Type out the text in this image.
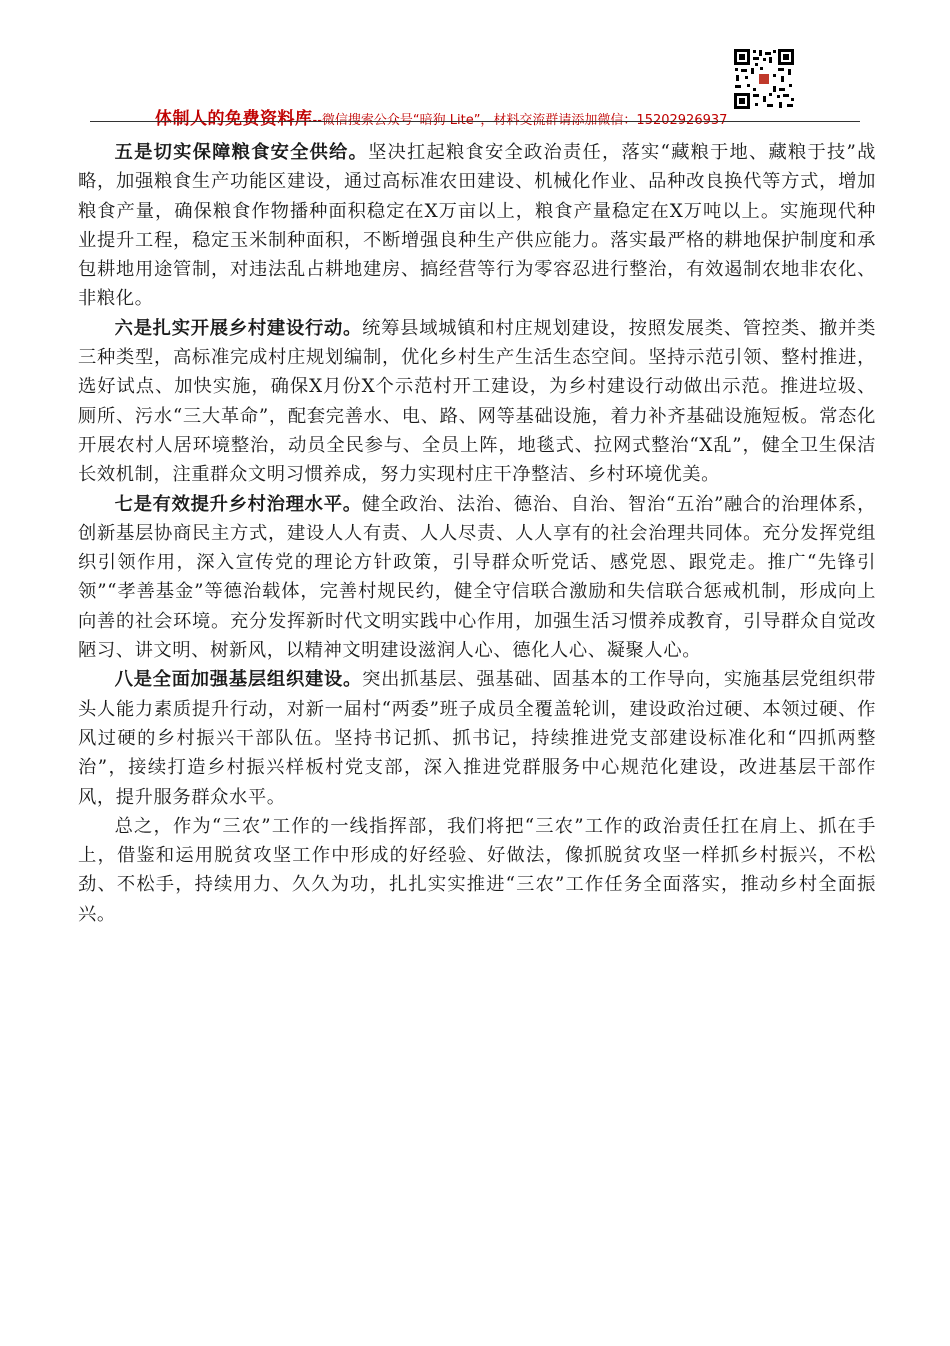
体制人的免费资料库--微信搜索公众号“暗狗 Lite”，材料交流群请添加微信：15202926937

五是切实保障粮食安全供给。坚决扛起粮食安全政治责任，落实“藏粮于地、藏粮于技”战略，加强粮食生产功能区建设，通过高标准农田建设、机械化作业、品种改良换代等方式，增加粮食产量，确保粮食作物播种面积稳定在X万亩以上，粮食产量稳定在X万吨以上。实施现代种业提升工程，稳定玉米制种面积，不断增强良种生产供应能力。落实最严格的耕地保护制度和承包耕地用途管制，对违法乱占耕地建房、搞经营等行为零容忍进行整治，有效遏制农地非农化、非粮化。

六是扎实开展乡村建设行动。统筹县域城镇和村庄规划建设，按照发展类、管控类、撤并类三种类型，高标准完成村庄规划编制，优化乡村生产生活生态空间。坚持示范引领、整村推进，选好试点、加快实施，确保X月份X个示范村开工建设，为乡村建设行动做出示范。推进垃圾、厕所、污水“三大革命”，配套完善水、电、路、网等基础设施，着力补齐基础设施短板。常态化开展农村人居环境整治，动员全民参与、全员上阵，地毯式、拉网式整治“X乱”，健全卫生保洁长效机制，注重群众文明习惯养成，努力实现村庄干净整洁、乡村环境优美。

七是有效提升乡村治理水平。健全政治、法治、德治、自治、智治“五治”融合的治理体系，创新基层协商民主方式，建设人人有责、人人尽责、人人享有的社会治理共同体。充分发挥党组织引领作用，深入宣传党的理论方针政策，引导群众听党话、感党恩、跟党走。推广“先锋引领”“孝善基金”等德治载体，完善村规民约，健全守信联合激励和失信联合惩戒机制，形成向上向善的社会环境。充分发挥新时代文明实践中心作用，加强生活习惯养成教育，引导群众自觉改陋习、讲文明、树新风，以精神文明建设滋润人心、德化人心、凝聚人心。

八是全面加强基层组织建设。突出抓基层、强基础、固基本的工作导向，实施基层党组织带头人能力素质提升行动，对新一届村“两委”班子成员全覆盖轮训，建设政治过硬、本领过硬、作风过硬的乡村振兴干部队伍。坚持书记抓、抓书记，持续推进党支部建设标准化和“四抓两整治”，接续打造乡村振兴样板村党支部，深入推进党群服务中心规范化建设，改进基层干部作风，提升服务群众水平。

总之，作为“三农”工作的一线指挥部，我们将把“三农”工作的政治责任扛在肩上、抓在手上，借鉴和运用脱贫攻坚工作中形成的好经验、好做法，像抓脱贫攻坚一样抓乡村振兴，不松劲、不松手，持续用力、久久为功，扎扎实实推进“三农”工作任务全面落实，推动乡村全面振兴。
